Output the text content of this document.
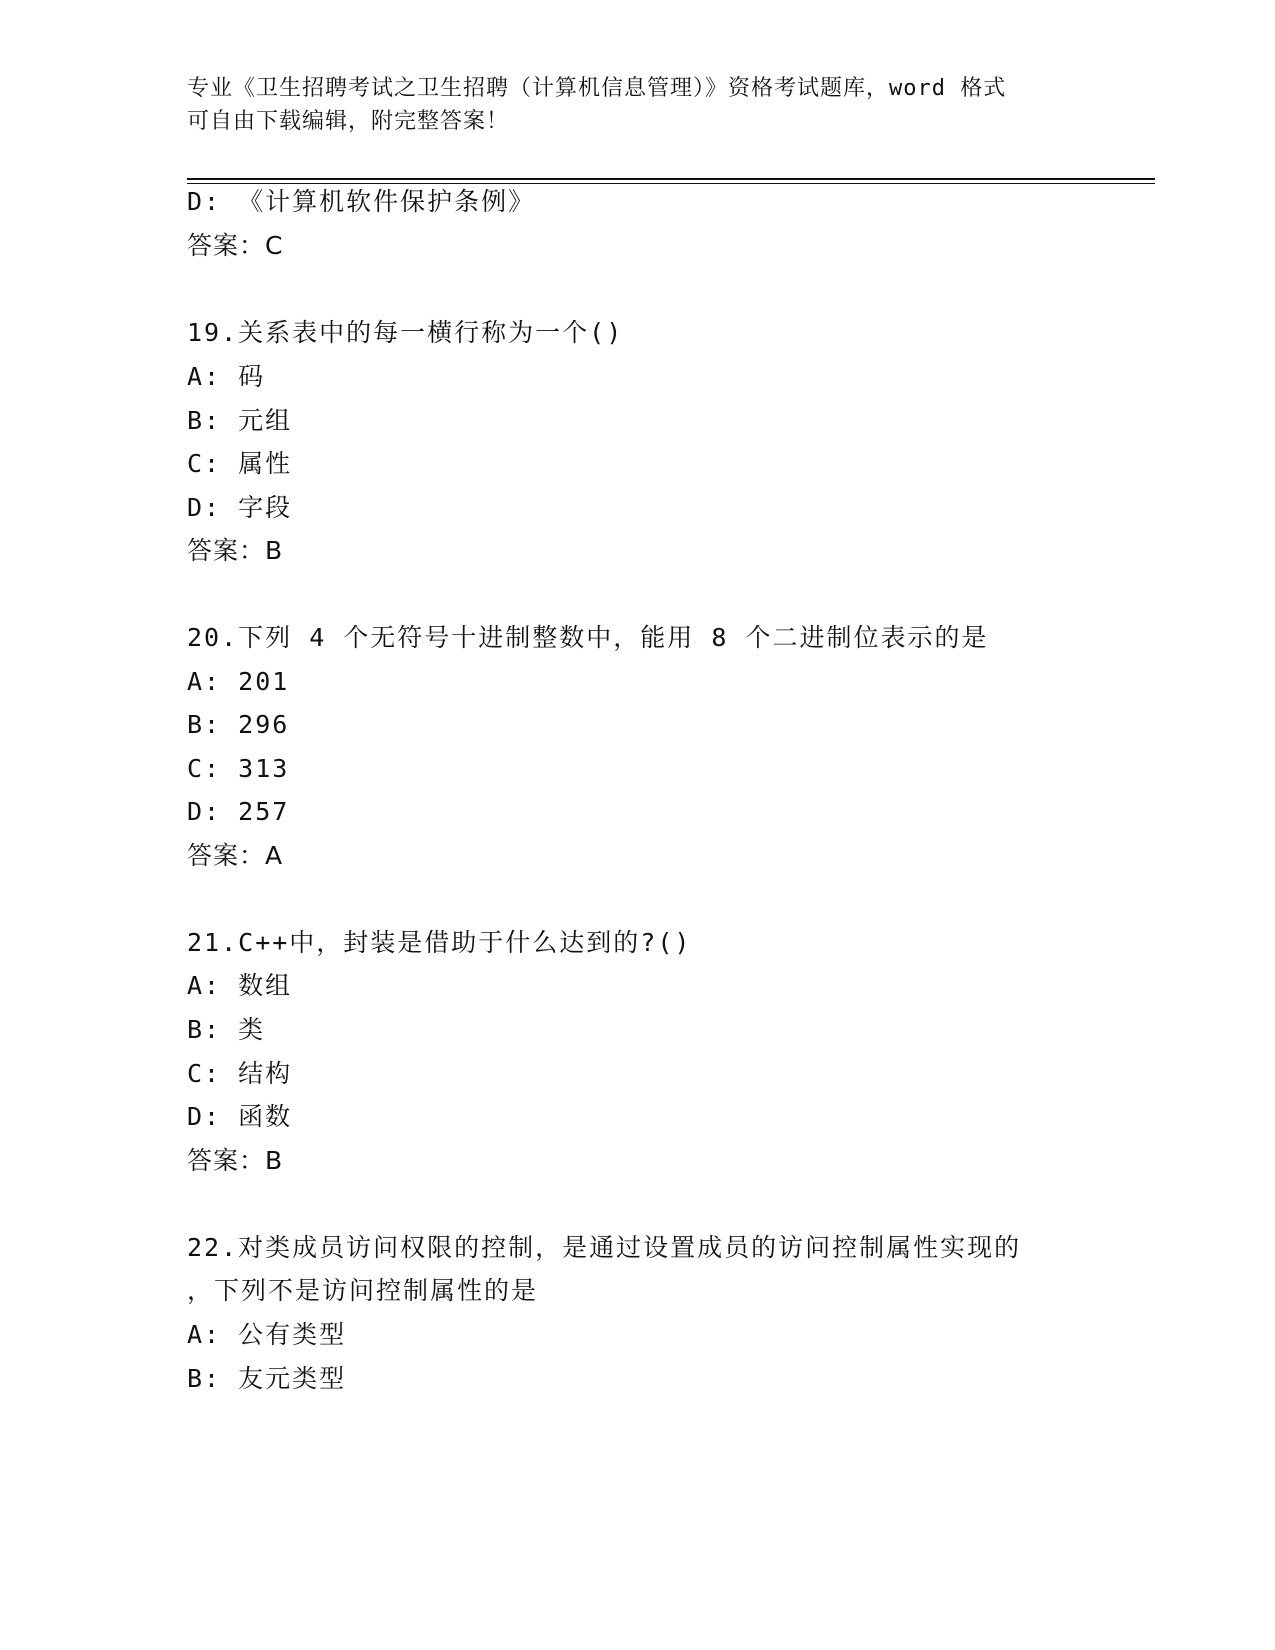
专业《卫生招聘考试之卫生招聘（计算机信息管理）》资格考试题库，word 格式
可自由下载编辑，附完整答案！
D: 《计算机软件保护条例》
答案：C
19.关系表中的每一横行称为一个()
A: 码
B: 元组
C: 属性
D: 字段
答案：B
20.下列 4 个无符号十进制整数中，能用 8 个二进制位表示的是
A: 201
B: 296
C: 313
D: 257
答案：A
21.C++中，封装是借助于什么达到的?()
A: 数组
B: 类
C: 结构
D: 函数
答案：B
22.对类成员访问权限的控制，是通过设置成员的访问控制属性实现的
，下列不是访问控制属性的是
A: 公有类型
B: 友元类型
